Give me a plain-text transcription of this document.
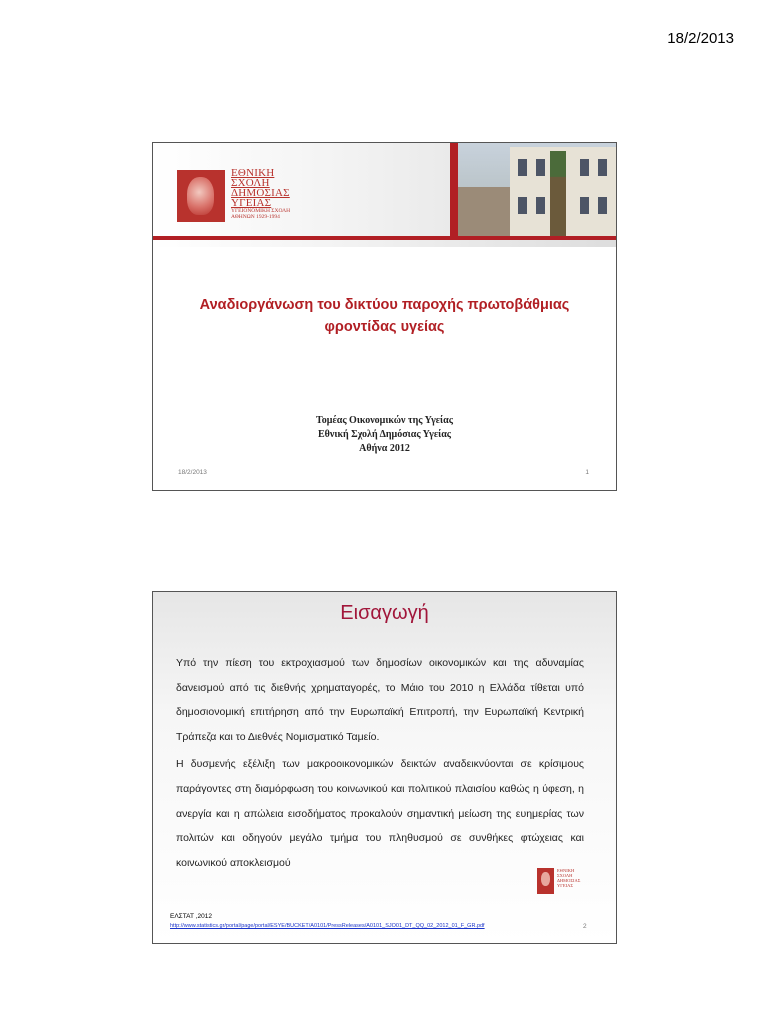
18/2/2013
ΕΘΝΙΚΗ
ΣΧΟΛΗ
ΔΗΜΟΣΙΑΣ
ΥΓΕΙΑΣ
ΥΓΕΙΟΝΟΜΙΚΗ ΣΧΟΛΗ
ΑΘΗΝΩΝ 1929-1994
Αναδιοργάνωση του δικτύου παροχής πρωτοβάθμιας
φροντίδας υγείας
Τομέας Οικονομικών της Υγείας
Εθνική Σχολή Δημόσιας Υγείας
Αθήνα 2012
18/2/2013	1
Εισαγωγή

Υπό την πίεση του εκτροχιασμού των δημοσίων οικονομικών και της αδυναμίας δανεισμού από τις διεθνής χρηματαγορές, το Μάιο του 2010 η Ελλάδα τίθεται υπό δημοσιονομική επιτήρηση από την Ευρωπαϊκή Επιτροπή, την Ευρωπαϊκή Κεντρική Τράπεζα και το Διεθνές Νομισματικό Ταμείο.

Η δυσμενής εξέλιξη των μακροοικονομικών δεικτών αναδεικνύονται σε κρίσιμους παράγοντες στη διαμόρφωση του κοινωνικού και πολιτικού πλαισίου καθώς η ύφεση, η ανεργία και η απώλεια εισοδήματος προκαλούν σημαντική μείωση της ευημερίας των πολιτών και οδηγούν μεγάλο τμήμα του πληθυσμού σε συνθήκες φτώχειας και κοινωνικού αποκλεισμού

ΕΘΝΙΚΗ
ΣΧΟΛΗ
ΔΗΜΟΣΙΑΣ
ΥΓΕΙΑΣ
ΕΛΣΤΑΤ ,2012
http://www.statistics.gr/portal/page/portal/ESYE/BUCKET/A0101/PressReleases/A0101_SJO01_DT_QQ_02_2012_01_F_GR.pdf	2
